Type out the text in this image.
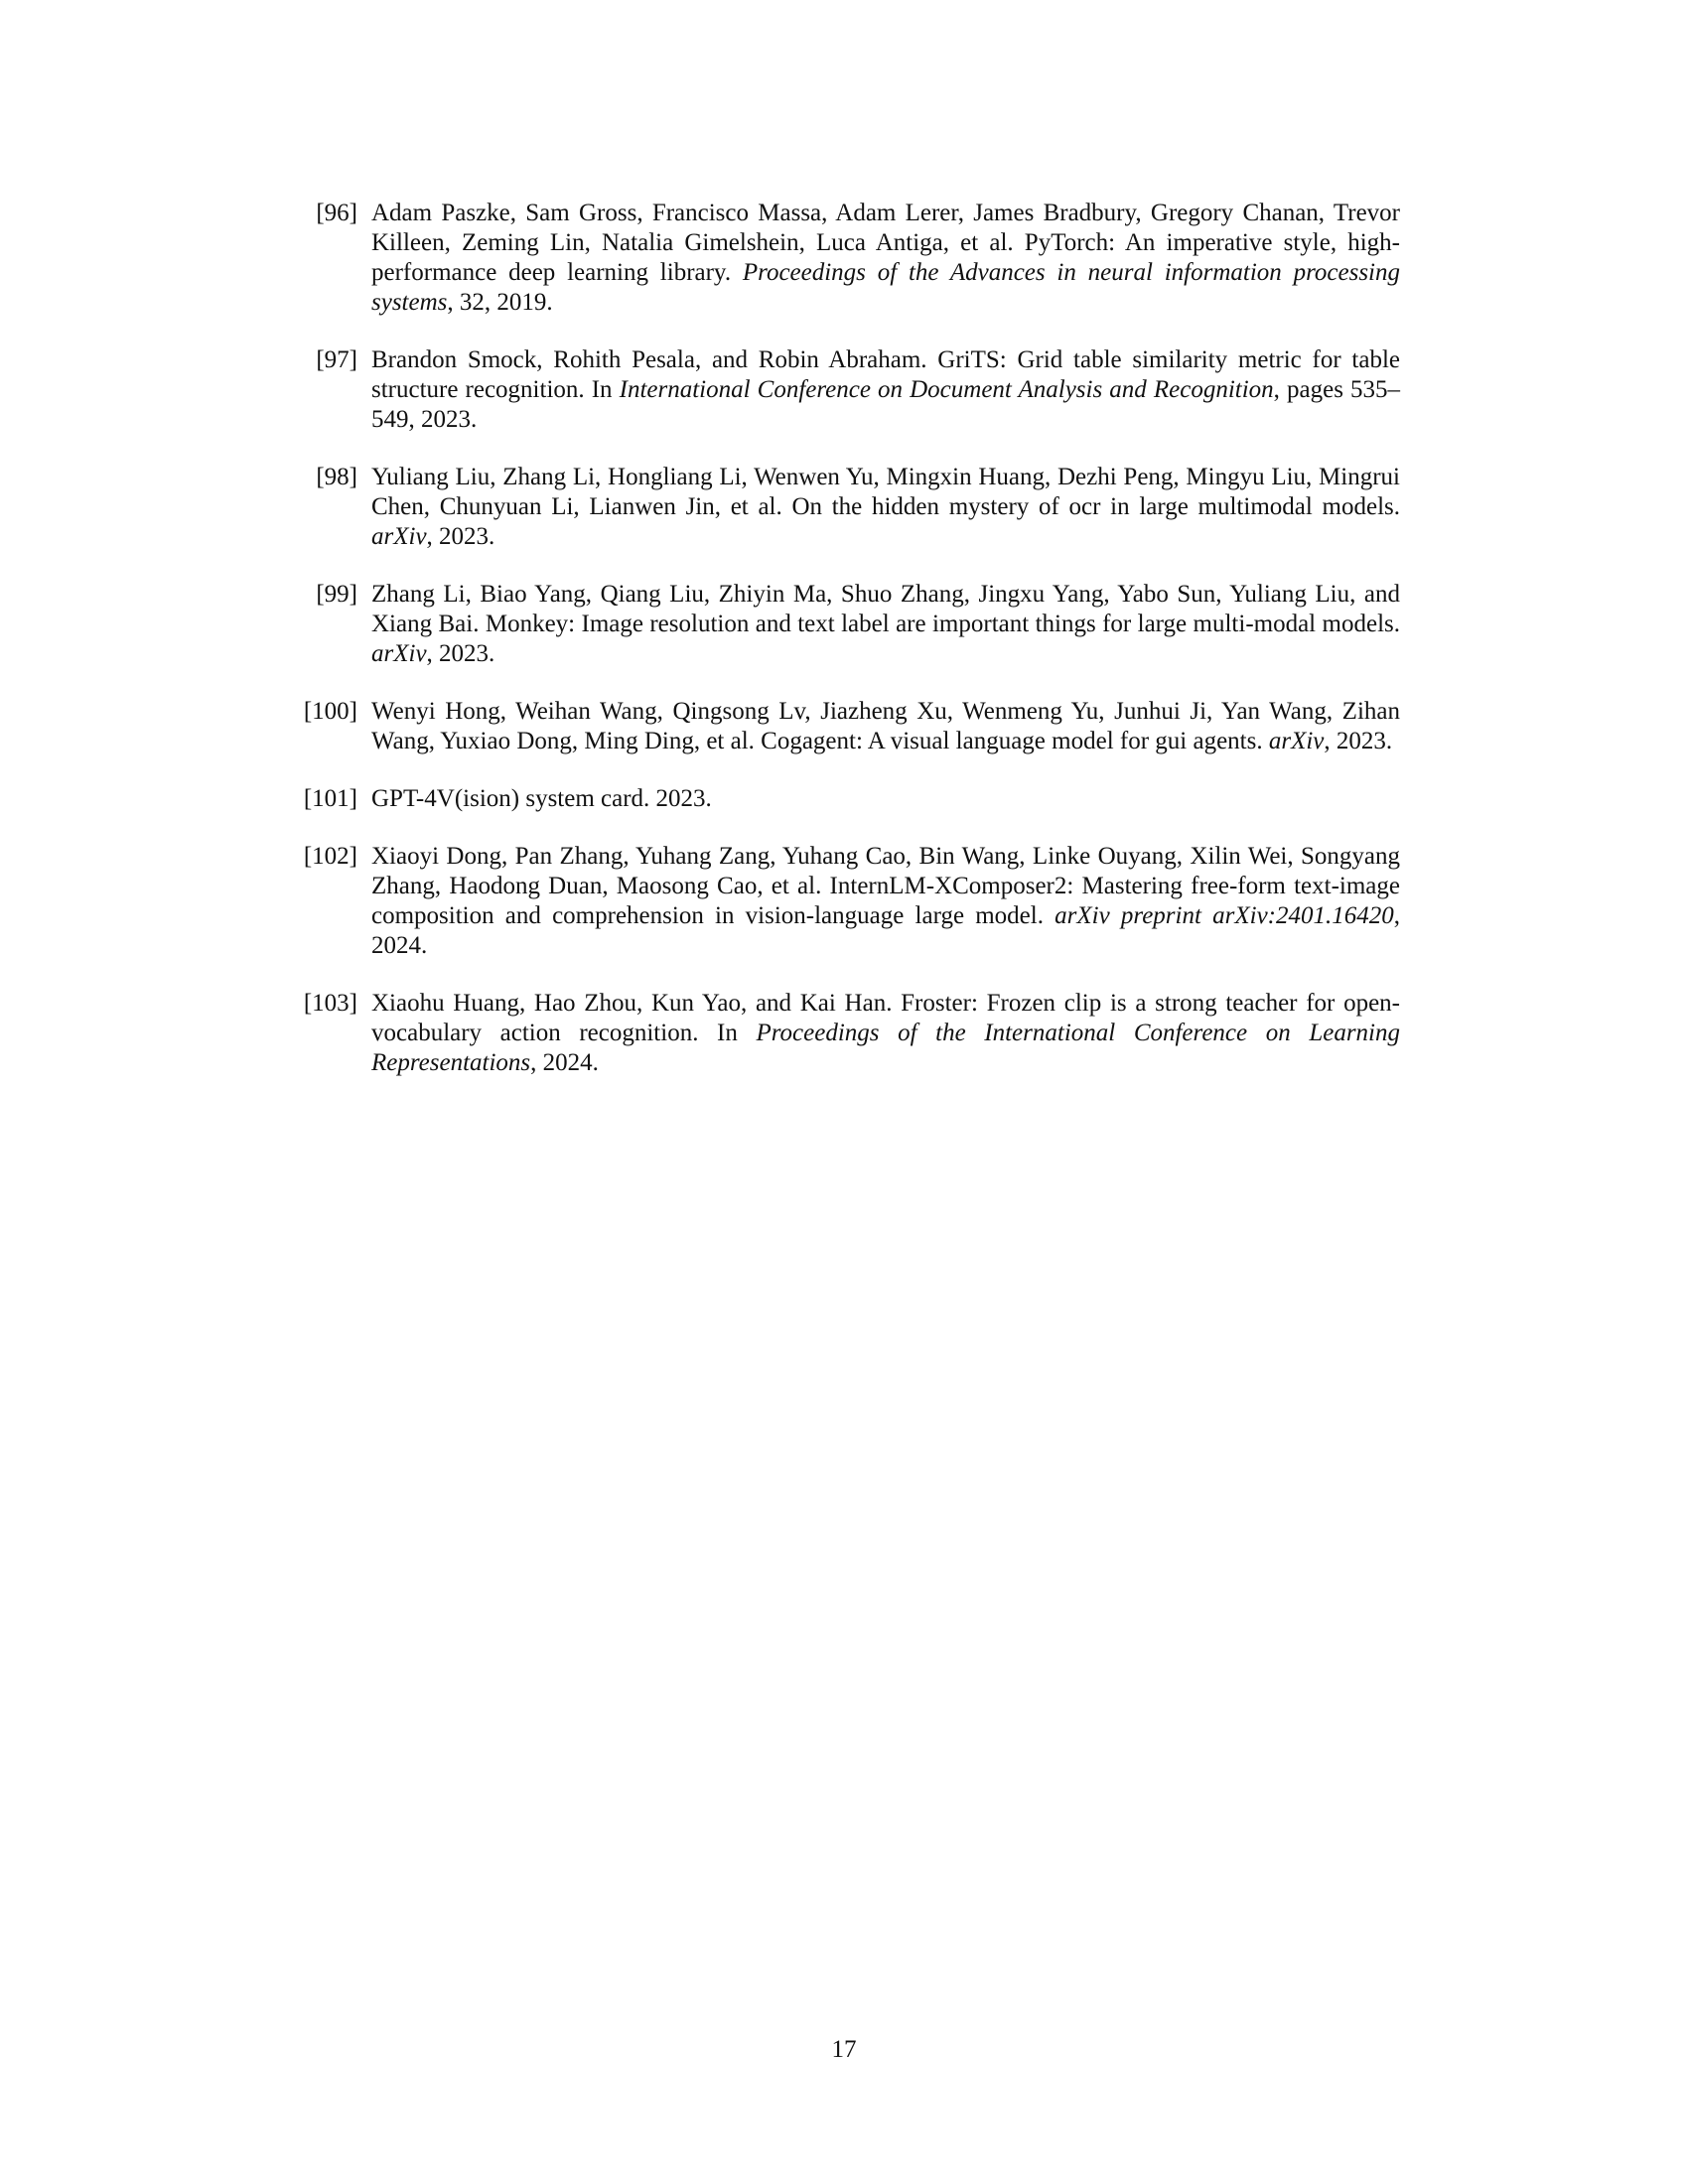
[96] Adam Paszke, Sam Gross, Francisco Massa, Adam Lerer, James Bradbury, Gregory Chanan, Trevor Killeen, Zeming Lin, Natalia Gimelshein, Luca Antiga, et al. PyTorch: An imperative style, high-performance deep learning library. Proceedings of the Advances in neural information processing systems, 32, 2019.
[97] Brandon Smock, Rohith Pesala, and Robin Abraham. GriTS: Grid table similarity metric for table structure recognition. In International Conference on Document Analysis and Recognition, pages 535–549, 2023.
[98] Yuliang Liu, Zhang Li, Hongliang Li, Wenwen Yu, Mingxin Huang, Dezhi Peng, Mingyu Liu, Mingrui Chen, Chunyuan Li, Lianwen Jin, et al. On the hidden mystery of ocr in large multimodal models. arXiv, 2023.
[99] Zhang Li, Biao Yang, Qiang Liu, Zhiyin Ma, Shuo Zhang, Jingxu Yang, Yabo Sun, Yuliang Liu, and Xiang Bai. Monkey: Image resolution and text label are important things for large multi-modal models. arXiv, 2023.
[100] Wenyi Hong, Weihan Wang, Qingsong Lv, Jiazheng Xu, Wenmeng Yu, Junhui Ji, Yan Wang, Zihan Wang, Yuxiao Dong, Ming Ding, et al. Cogagent: A visual language model for gui agents. arXiv, 2023.
[101] GPT-4V(ision) system card. 2023.
[102] Xiaoyi Dong, Pan Zhang, Yuhang Zang, Yuhang Cao, Bin Wang, Linke Ouyang, Xilin Wei, Songyang Zhang, Haodong Duan, Maosong Cao, et al. InternLM-XComposer2: Mastering free-form text-image composition and comprehension in vision-language large model. arXiv preprint arXiv:2401.16420, 2024.
[103] Xiaohu Huang, Hao Zhou, Kun Yao, and Kai Han. Froster: Frozen clip is a strong teacher for open-vocabulary action recognition. In Proceedings of the International Conference on Learning Representations, 2024.
17
